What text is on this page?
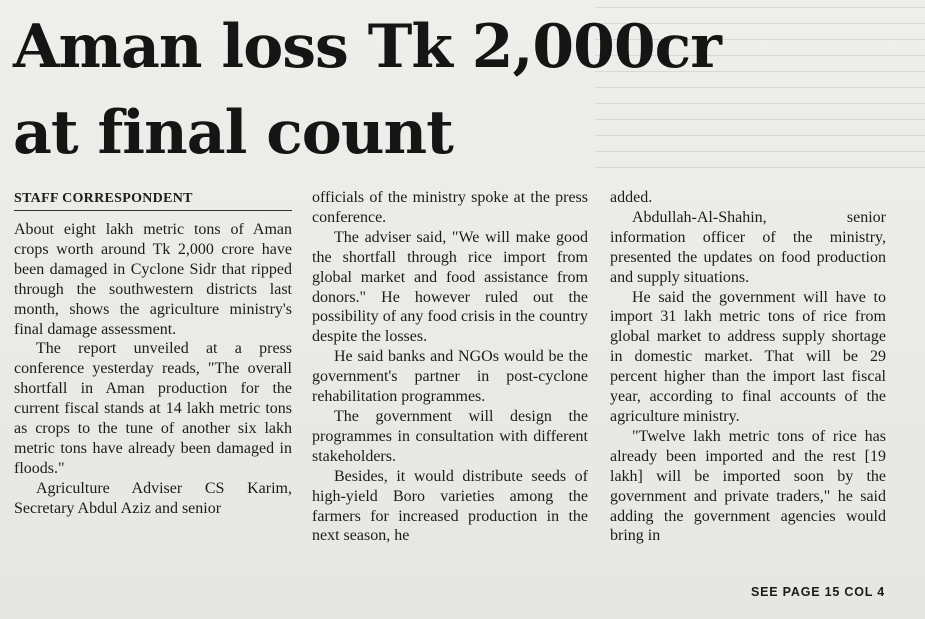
Aman loss Tk 2,000cr
at final count
STAFF CORRESPONDENT

About eight lakh metric tons of Aman crops worth around Tk 2,000 crore have been damaged in Cyclone Sidr that ripped through the southwestern districts last month, shows the agriculture ministry's final damage assessment.

The report unveiled at a press conference yesterday reads, "The overall shortfall in Aman production for the current fiscal stands at 14 lakh metric tons as crops to the tune of another six lakh metric tons have already been damaged in floods."

Agriculture Adviser CS Karim, Secretary Abdul Aziz and senior

officials of the ministry spoke at the press conference.

The adviser said, "We will make good the shortfall through rice import from global market and food assistance from donors." He however ruled out the possibility of any food crisis in the country despite the losses.

He said banks and NGOs would be the government's partner in post-cyclone rehabilitation programmes.

The government will design the programmes in consultation with different stakeholders.

Besides, it would distribute seeds of high-yield Boro varieties among the farmers for increased production in the next season, he

added.

Abdullah-Al-Shahin, senior information officer of the ministry, presented the updates on food production and supply situations.

He said the government will have to import 31 lakh metric tons of rice from global market to address supply shortage in domestic market. That will be 29 percent higher than the import last fiscal year, according to final accounts of the agriculture ministry.

"Twelve lakh metric tons of rice has already been imported and the rest [19 lakh] will be imported soon by the government and private traders," he said adding the government agencies would bring in

SEE PAGE 15 COL 4
